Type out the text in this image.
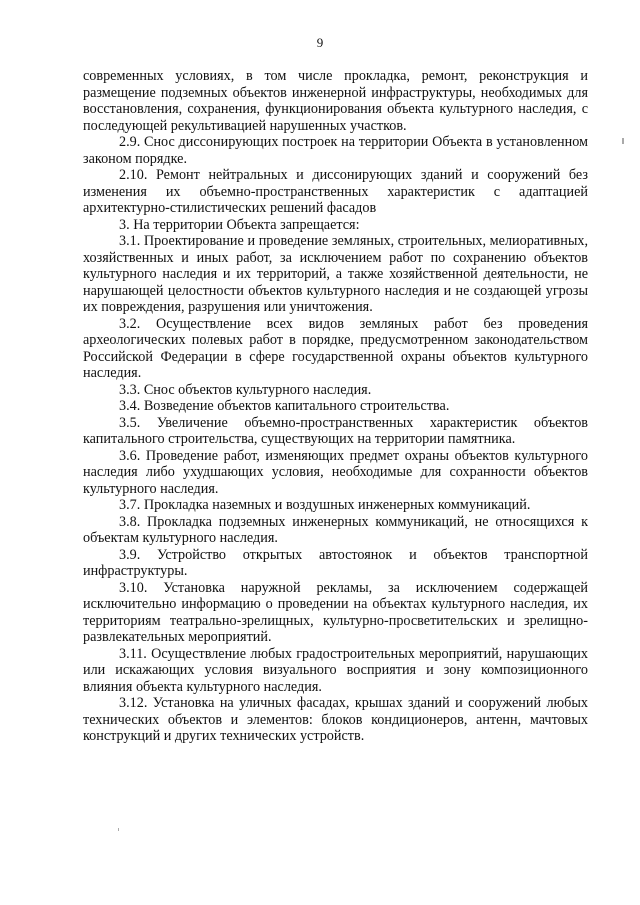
9

современных условиях, в том числе прокладка, ремонт, реконструкция и размещение подземных объектов инженерной инфраструктуры, необходимых для восстановления, сохранения, функционирования объекта культурного наследия, с последующей рекультивацией нарушенных участков.

2.9. Снос диссонирующих построек на территории Объекта в установленном законом порядке.

2.10. Ремонт нейтральных и диссонирующих зданий и сооружений без изменения их объемно-пространственных характеристик с адаптацией архитектурно-стилистических решений фасадов

3. На территории Объекта запрещается:

3.1. Проектирование и проведение земляных, строительных, мелиоративных, хозяйственных и иных работ, за исключением работ по сохранению объектов культурного наследия и их территорий, а также хозяйственной деятельности, не нарушающей целостности объектов культурного наследия и не создающей угрозы их повреждения, разрушения или уничтожения.

3.2. Осуществление всех видов земляных работ без проведения археологических полевых работ в порядке, предусмотренном законодательством Российской Федерации в сфере государственной охраны объектов культурного наследия.

3.3. Снос объектов культурного наследия.

3.4. Возведение объектов капитального строительства.

3.5. Увеличение объемно-пространственных характеристик объектов капитального строительства, существующих на территории памятника.

3.6. Проведение работ, изменяющих предмет охраны объектов культурного наследия либо ухудшающих условия, необходимые для сохранности объектов культурного наследия.

3.7. Прокладка наземных и воздушных инженерных коммуникаций.

3.8. Прокладка подземных инженерных коммуникаций, не относящихся к объектам культурного наследия.

3.9. Устройство открытых автостоянок и объектов транспортной инфраструктуры.

3.10. Установка наружной рекламы, за исключением содержащей исключительно информацию о проведении на объектах культурного наследия, их территориям театрально-зрелищных, культурно-просветительских и зрелищно-развлекательных мероприятий.

3.11. Осуществление любых градостроительных мероприятий, нарушающих или искажающих условия визуального восприятия и зону композиционного влияния объекта культурного наследия.

3.12. Установка на уличных фасадах, крышах зданий и сооружений любых технических объектов и элементов: блоков кондиционеров, антенн, мачтовых конструкций и других технических устройств.
